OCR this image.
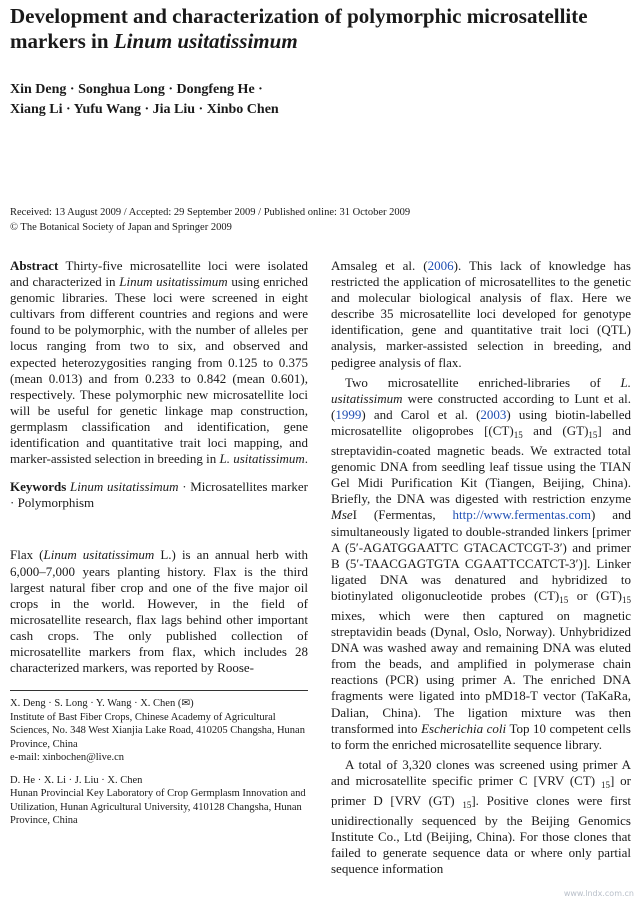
Development and characterization of polymorphic microsatellite markers in Linum usitatissimum
Xin Deng · Songhua Long · Dongfeng He ·
Xiang Li · Yufu Wang · Jia Liu · Xinbo Chen
Received: 13 August 2009 / Accepted: 29 September 2009 / Published online: 31 October 2009
© The Botanical Society of Japan and Springer 2009

Abstract Thirty-five microsatellite loci were isolated and characterized in Linum usitatissimum using enriched genomic libraries. These loci were screened in eight cultivars from different countries and regions and were found to be polymorphic, with the number of alleles per locus ranging from two to six, and observed and expected heterozygosities ranging from 0.125 to 0.375 (mean 0.013) and from 0.233 to 0.842 (mean 0.601), respectively. These polymorphic new microsatellite loci will be useful for genetic linkage map construction, germplasm classification and identification, gene identification and quantitative trait loci mapping, and marker-assisted selection in breeding in L. usitatissimum.

Keywords Linum usitatissimum · Microsatellites marker · Polymorphism

Flax (Linum usitatissimum L.) is an annual herb with 6,000–7,000 years planting history. Flax is the third largest natural fiber crop and one of the five major oil crops in the world. However, in the field of microsatellite research, flax lags behind other important cash crops. The only published collection of microsatellite markers from flax, which includes 28 characterized markers, was reported by Roose-

X. Deng · S. Long · Y. Wang · X. Chen (✉)
Institute of Bast Fiber Crops, Chinese Academy of Agricultural Sciences, No. 348 West Xianjia Lake Road, 410205 Changsha, Hunan Province, China
e-mail: xinbochen@live.cn
D. He · X. Li · J. Liu · X. Chen
Hunan Provincial Key Laboratory of Crop Germplasm Innovation and Utilization, Hunan Agricultural University, 410128 Changsha, Hunan Province, China

Amsaleg et al. (2006). This lack of knowledge has restricted the application of microsatellites to the genetic and molecular biological analysis of flax. Here we describe 35 microsatellite loci developed for genotype identification, gene and quantitative trait loci (QTL) analysis, marker-assisted selection in breeding, and pedigree analysis of flax.

Two microsatellite enriched-libraries of L. usitatissimum were constructed according to Lunt et al. (1999) and Carol et al. (2003) using biotin-labelled microsatellite oligoprobes [$(CT)_{15}$ and $(GT)_{15}$] and streptavidin-coated magnetic beads. We extracted total genomic DNA from seedling leaf tissue using the TIAN Gel Midi Purification Kit (Tiangen, Beijing, China). Briefly, the DNA was digested with restriction enzyme MseI (Fermentas, http://www.fermentas.com) and simultaneously ligated to double-stranded linkers [primer A (5′-AGATGGAATTC GTACACTCGT-3′) and primer B (5′-TAACGAGTGTA CGAATTCCATCT-3′)]. Linker ligated DNA was denatured and hybridized to biotinylated oligonucleotide probes $(CT)_{15}$ or $(GT)_{15}$ mixes, which were then captured on magnetic streptavidin beads (Dynal, Oslo, Norway). Unhybridized DNA was washed away and remaining DNA was eluted from the beads, and amplified in polymerase chain reactions (PCR) using primer A. The enriched DNA fragments were ligated into pMD18-T vector (TaKaRa, Dalian, China). The ligation mixture was then transformed into Escherichia coli Top 10 competent cells to form the enriched microsatellite sequence library.

A total of 3,320 clones was screened using primer A and microsatellite specific primer C [VRV (CT) $_{15}$] or primer D [VRV (GT) $_{15}$]. Positive clones were first unidirectionally sequenced by the Beijing Genomics Institute Co., Ltd (Beijing, China). For those clones that failed to generate sequence data or where only partial sequence information

www.lndx.com.cn
